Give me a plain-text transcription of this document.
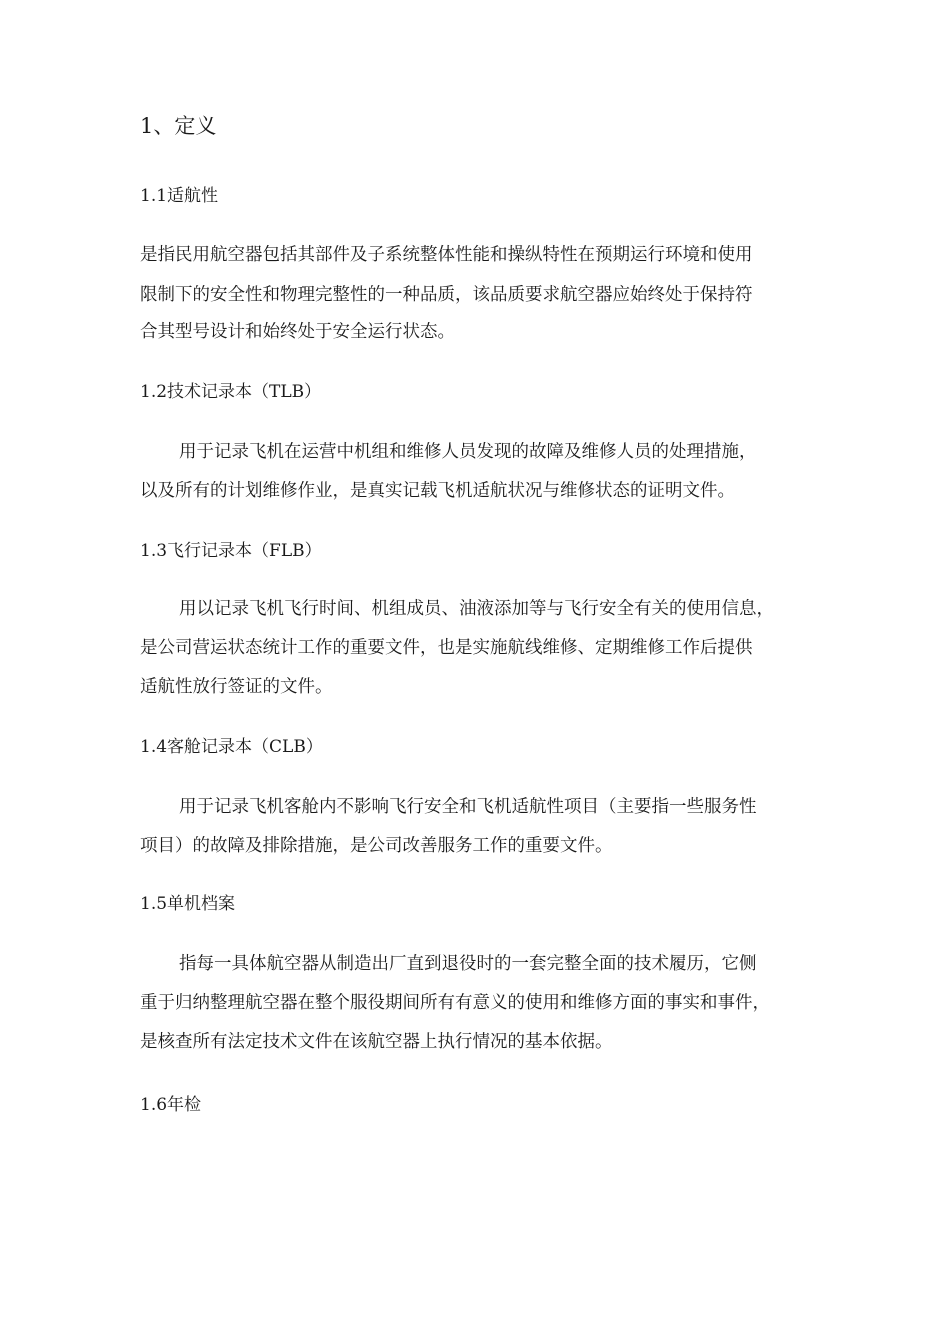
1、定义
1.1适航性
是指民用航空器包括其部件及子系统整体性能和操纵特性在预期运行环境和使用
限制下的安全性和物理完整性的一种品质，该品质要求航空器应始终处于保持符
合其型号设计和始终处于安全运行状态。
1.2技术记录本（TLB）
用于记录飞机在运营中机组和维修人员发现的故障及维修人员的处理措施，
以及所有的计划维修作业，是真实记载飞机适航状况与维修状态的证明文件。
1.3飞行记录本（FLB）
用以记录飞机飞行时间、机组成员、油液添加等与飞行安全有关的使用信息，
是公司营运状态统计工作的重要文件，也是实施航线维修、定期维修工作后提供
适航性放行签证的文件。
1.4客舱记录本（CLB）
用于记录飞机客舱内不影响飞行安全和飞机适航性项目（主要指一些服务性
项目）的故障及排除措施，是公司改善服务工作的重要文件。
1.5单机档案
指每一具体航空器从制造出厂直到退役时的一套完整全面的技术履历，它侧
重于归纳整理航空器在整个服役期间所有有意义的使用和维修方面的事实和事件，
是核查所有法定技术文件在该航空器上执行情况的基本依据。
1.6年检
